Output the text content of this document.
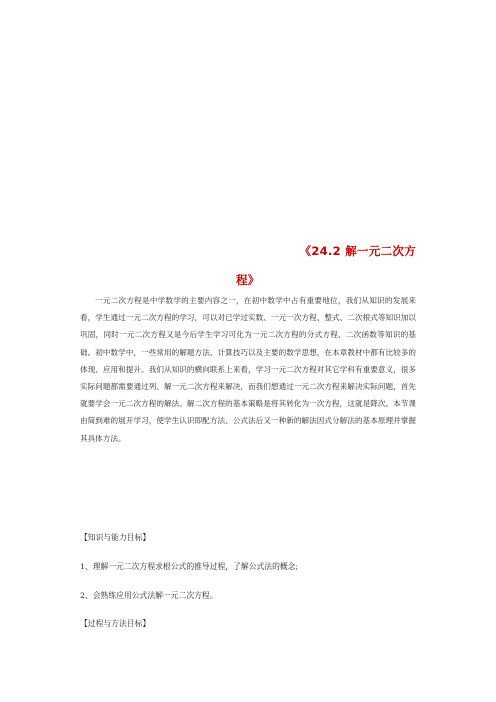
《24.2 解一元二次方
程》

一元二次方程是中学数学的主要内容之一，在初中数学中占有重要地位，我们从知识的发展来看，学生通过一元二次方程的学习，可以对已学过实数、一元一次方程、整式、二次根式等知识加以巩固，同时一元二次方程又是今后学生学习可化为一元二次方程的分式方程、二次函数等知识的基础。初中数学中，一些常用的解题方法、计算技巧以及主要的数学思想，在本章教材中都有比较多的体现、应用和提升。我们从知识的横向联系上来看，学习一元二次方程对其它学科有重要意义，很多实际问题都需要通过列、解一元二次方程来解决，而我们想通过一元二次方程来解决实际问题，首先就要学会一元二次方程的解法。解二次方程的基本策略是将其转化为一次方程，这就是降次。本节课由简到难的展开学习，使学生认识即配方法、公式法后又一种新的解法因式分解法的基本原理并掌握其具体方法。

【知识与能力目标】
1、理解一元二次方程求根公式的推导过程，了解公式法的概念;
2、会熟练应用公式法解一元二次方程。
【过程与方法目标】
